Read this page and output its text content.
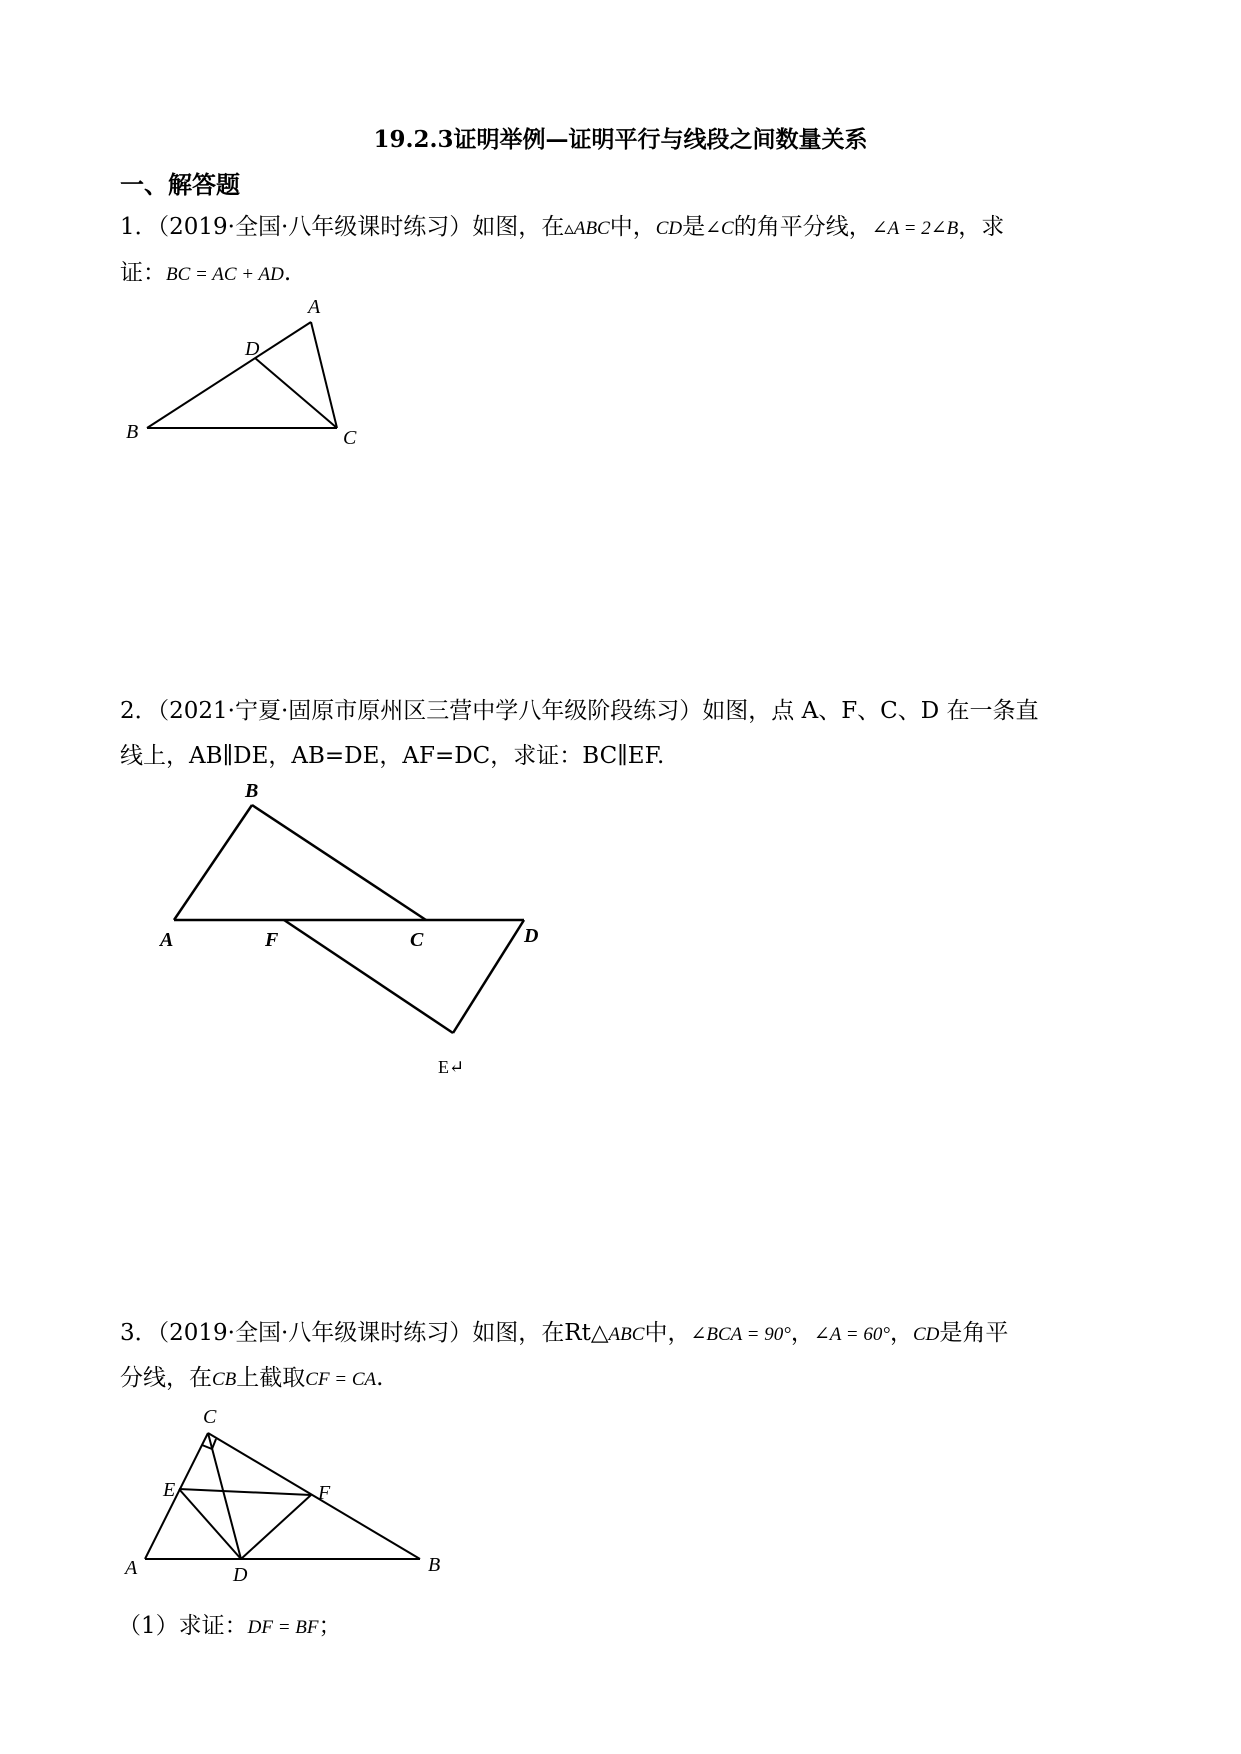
19.2.3证明举例—证明平行与线段之间数量关系
一、解答题
1．（2019·全国·八年级课时练习）如图，在▵ABC中，CD是∠C的角平分线，∠A = 2∠B，求
证：BC = AC + AD.
A
B	C
D
2．（2021·宁夏·固原市原州区三营中学八年级阶段练习）如图，点 A、F、C、D 在一条直
线上，AB∥DE，AB=DE，AF=DC，求证：BC∥EF.
B
A	F	C	D
E↵
3．（2019·全国·八年级课时练习）如图，在Rt△ABC中，∠BCA = 90°，∠A = 60°，CD是角平
分线，在CB上截取CF = CA.
C
E	F
A	D	B
（1）求证：DF = BF；
